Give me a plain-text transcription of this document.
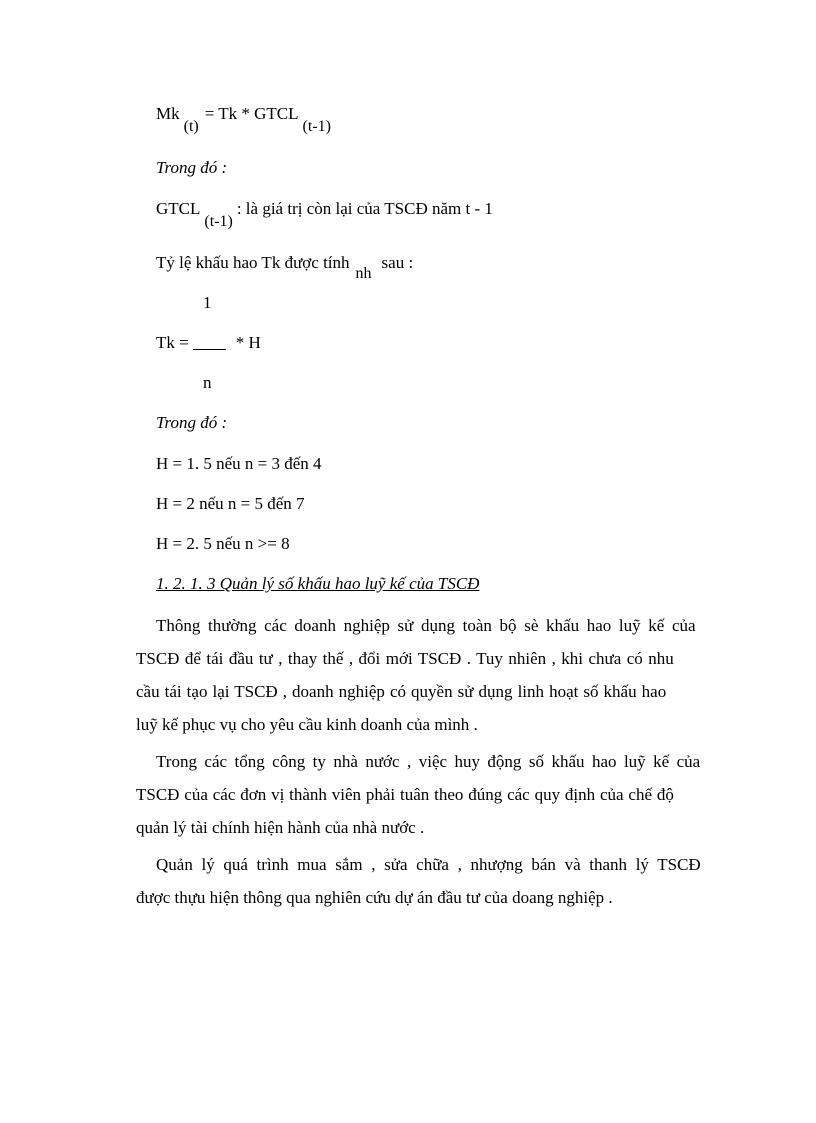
Mk(t)= Tk * GTCL(t-1)
Trong đó :
GTCL(t-1): là giá trị còn lại của TSCĐ năm t - 1
Tỷ lệ khấu hao Tk được tínhnhsau :
1
Tk =	* H
n
Trong đó :
H = 1. 5 nếu n = 3 đến 4
H = 2 nếu n = 5 đến 7
H = 2. 5 nếu n >= 8
1. 2. 1. 3 Quản lý số khấu hao luỹ kế của TSCĐ
Thông thường các doanh nghiệp sử dụng toàn bộ sè khấu hao luỹ kế của
TSCĐ để tái đầu tư , thay thế , đổi mới TSCĐ . Tuy nhiên , khi chưa có nhu
cầu tái tạo lại TSCĐ , doanh nghiệp có quyền sử dụng linh hoạt số khấu hao
luỹ kế phục vụ cho yêu cầu kinh doanh của mình .
Trong các tổng công ty nhà nước , việc huy động số khấu hao luỹ kế của
TSCĐ của các đơn vị thành viên phải tuân theo đúng các quy định của chế độ
quản lý tài chính hiện hành của nhà nước .
Quản lý quá trình mua sắm , sửa chữa , nhượng bán và thanh lý TSCĐ
được thựu hiện thông qua nghiên cứu dự án đầu tư của doang nghiệp .
